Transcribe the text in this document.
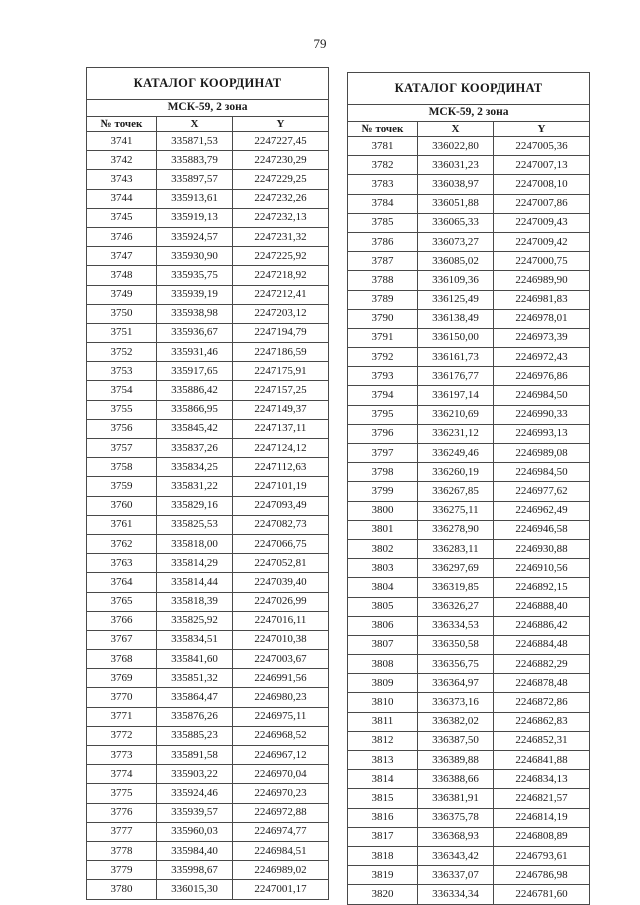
79
КАТАЛОГ КООРДИНАТ		
МСК-59, 2 зона		
№ точек	X	Y
3741	335871,53	2247227,45
3742	335883,79	2247230,29
3743	335897,57	2247229,25
3744	335913,61	2247232,26
3745	335919,13	2247232,13
3746	335924,57	2247231,32
3747	335930,90	2247225,92
3748	335935,75	2247218,92
3749	335939,19	2247212,41
3750	335938,98	2247203,12
3751	335936,67	2247194,79
3752	335931,46	2247186,59
3753	335917,65	2247175,91
3754	335886,42	2247157,25
3755	335866,95	2247149,37
3756	335845,42	2247137,11
3757	335837,26	2247124,12
3758	335834,25	2247112,63
3759	335831,22	2247101,19
3760	335829,16	2247093,49
3761	335825,53	2247082,73
3762	335818,00	2247066,75
3763	335814,29	2247052,81
3764	335814,44	2247039,40
3765	335818,39	2247026,99
3766	335825,92	2247016,11
3767	335834,51	2247010,38
3768	335841,60	2247003,67
3769	335851,32	2246991,56
3770	335864,47	2246980,23
3771	335876,26	2246975,11
3772	335885,23	2246968,52
3773	335891,58	2246967,12
3774	335903,22	2246970,04
3775	335924,46	2246970,23
3776	335939,57	2246972,88
3777	335960,03	2246974,77
3778	335984,40	2246984,51
3779	335998,67	2246989,02
3780	336015,30	2247001,17
КАТАЛОГ КООРДИНАТ		
МСК-59, 2 зона		
№ точек	X	Y
3781	336022,80	2247005,36
3782	336031,23	2247007,13
3783	336038,97	2247008,10
3784	336051,88	2247007,86
3785	336065,33	2247009,43
3786	336073,27	2247009,42
3787	336085,02	2247000,75
3788	336109,36	2246989,90
3789	336125,49	2246981,83
3790	336138,49	2246978,01
3791	336150,00	2246973,39
3792	336161,73	2246972,43
3793	336176,77	2246976,86
3794	336197,14	2246984,50
3795	336210,69	2246990,33
3796	336231,12	2246993,13
3797	336249,46	2246989,08
3798	336260,19	2246984,50
3799	336267,85	2246977,62
3800	336275,11	2246962,49
3801	336278,90	2246946,58
3802	336283,11	2246930,88
3803	336297,69	2246910,56
3804	336319,85	2246892,15
3805	336326,27	2246888,40
3806	336334,53	2246886,42
3807	336350,58	2246884,48
3808	336356,75	2246882,29
3809	336364,97	2246878,48
3810	336373,16	2246872,86
3811	336382,02	2246862,83
3812	336387,50	2246852,31
3813	336389,88	2246841,88
3814	336388,66	2246834,13
3815	336381,91	2246821,57
3816	336375,78	2246814,19
3817	336368,93	2246808,89
3818	336343,42	2246793,61
3819	336337,07	2246786,98
3820	336334,34	2246781,60
